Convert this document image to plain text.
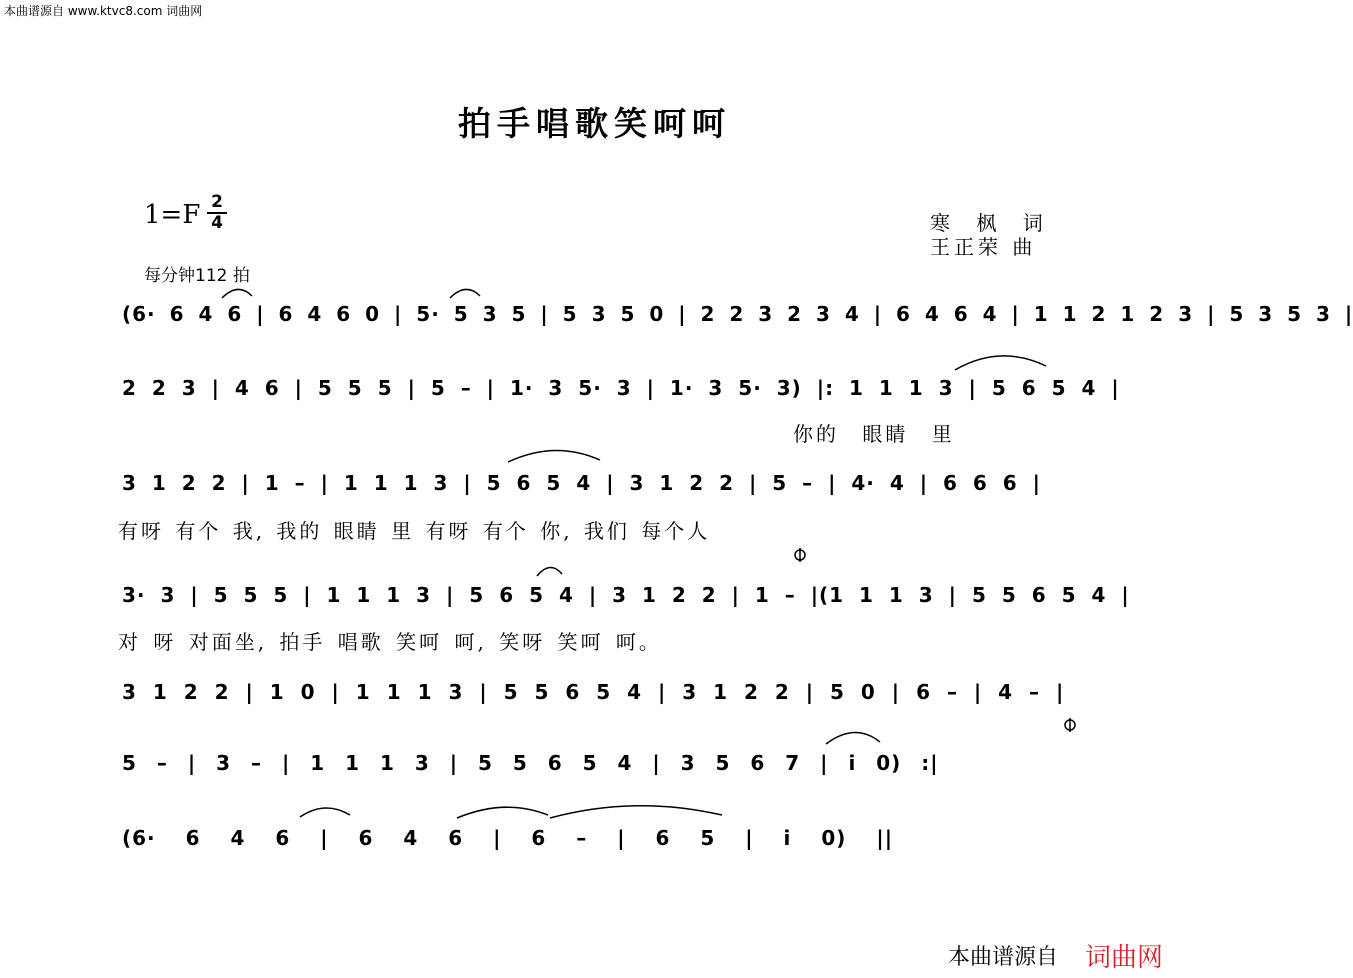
本曲谱源自 www.ktvc8.com 词曲网
拍手唱歌笑呵呵
1=F 2
4	寒 枫 词
王正荣 曲
每分钟112 拍
(6· 6 4 6 | 6 4 6 0 | 5· 5 3 5 | 5 3 5 0 | 2 2 3 2 3 4 | 6 4 6 4 | 1 1 2 1 2 3 | 5 3 5 3 |
2 2 3 | 4 6 | 5 5 5 | 5 – | 1· 3 5· 3 | 1· 3 5· 3) |: 1 1 1 3 | 5 6 5 4 |
你的 眼睛 里
3 1 2 2 | 1 – | 1 1 1 3 | 5 6 5 4 | 3 1 2 2 | 5 – | 4· 4 | 6 6 6 |
有呀 有个 我, 我的 眼睛 里 有呀 有个 你, 我们 每个人
3· 3 | 5 5 5 | 1 1 1 3 | 5 6 5 4 | 3 1 2 2 | 1 – |(1 1 1 3 | 5 5 6 5 4 |
对 呀 对面坐, 拍手 唱歌 笑呵 呵, 笑呀 笑呵 呵。
3 1 2 2 | 1 0 | 1 1 1 3 | 5 5 6 5 4 | 3 1 2 2 | 5 0 | 6 – | 4 – |
5 – | 3 – | 1 1 1 3 | 5 5 6 5 4 | 3 5 6 7 | i 0) :|
(6· 6 4 6 | 6 4 6 | 6 – | 6 5 | i 0) ||
本曲谱源自 词曲网
